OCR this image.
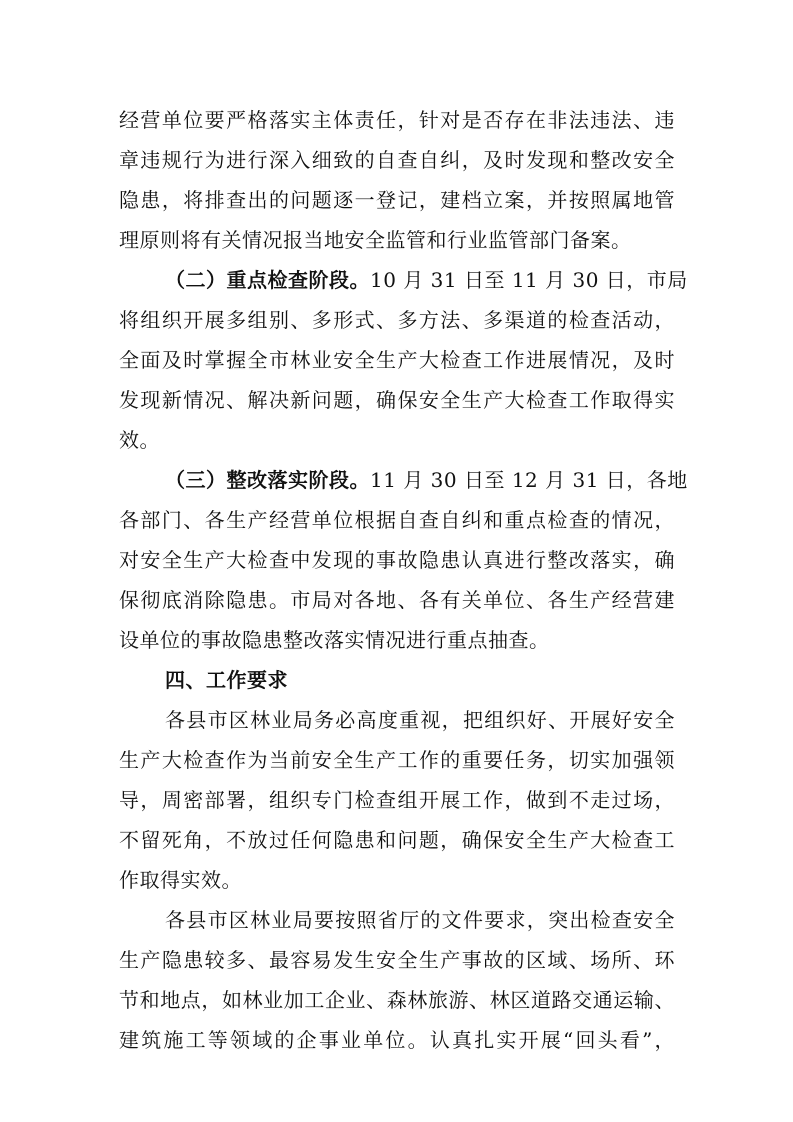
经营单位要严格落实主体责任，针对是否存在非法违法、违
章违规行为进行深入细致的自查自纠，及时发现和整改安全
隐患，将排查出的问题逐一登记，建档立案，并按照属地管
理原则将有关情况报当地安全监管和行业监管部门备案。
（二）重点检查阶段。10 月 31 日至 11 月 30 日，市局
将组织开展多组别、多形式、多方法、多渠道的检查活动，
全面及时掌握全市林业安全生产大检查工作进展情况，及时
发现新情况、解决新问题，确保安全生产大检查工作取得实
效。
（三）整改落实阶段。11 月 30 日至 12 月 31 日，各地
各部门、各生产经营单位根据自查自纠和重点检查的情况，
对安全生产大检查中发现的事故隐患认真进行整改落实，确
保彻底消除隐患。市局对各地、各有关单位、各生产经营建
设单位的事故隐患整改落实情况进行重点抽查。
四、工作要求
各县市区林业局务必高度重视，把组织好、开展好安全
生产大检查作为当前安全生产工作的重要任务，切实加强领
导，周密部署，组织专门检查组开展工作，做到不走过场，
不留死角，不放过任何隐患和问题，确保安全生产大检查工
作取得实效。
各县市区林业局要按照省厅的文件要求，突出检查安全
生产隐患较多、最容易发生安全生产事故的区域、场所、环
节和地点，如林业加工企业、森林旅游、林区道路交通运输、
建筑施工等领域的企事业单位。认真扎实开展“回头看”，
